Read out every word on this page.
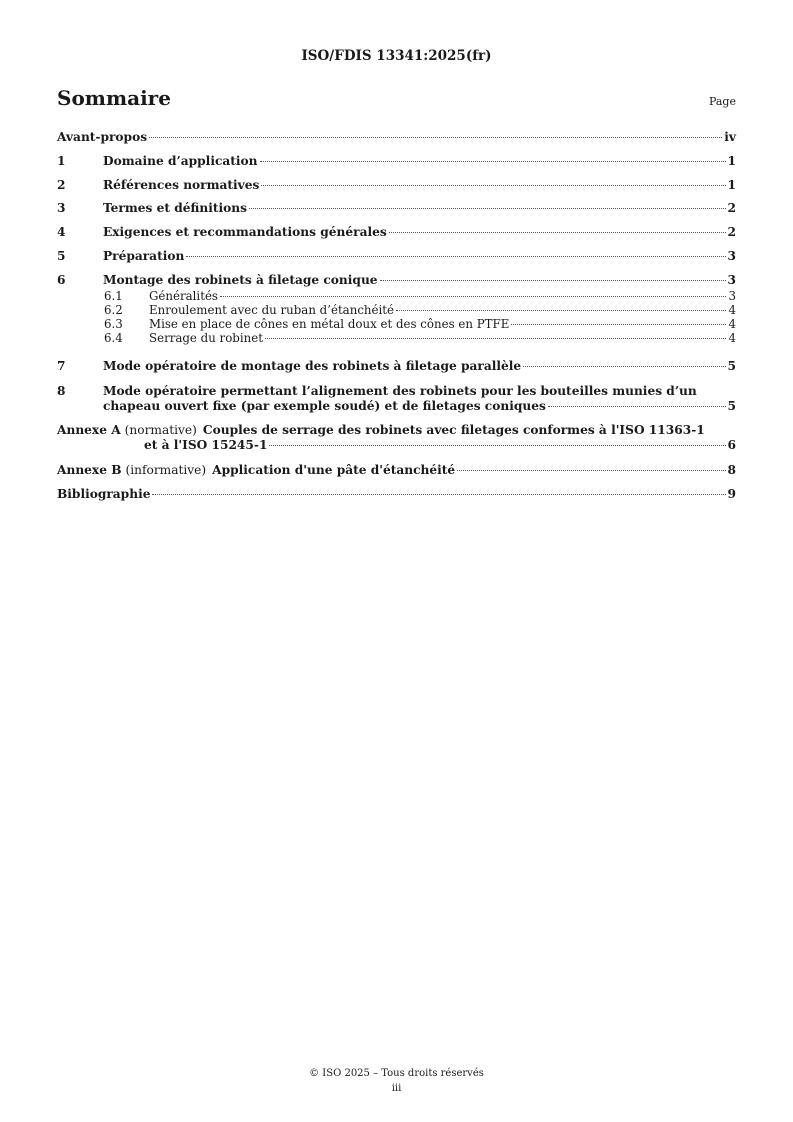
ISO/FDIS 13341:2025(fr)
Sommaire	Page
Avant-propos	iv
1	Domaine d’application	1
2	Références normatives	1
3	Termes et définitions	2
4	Exigences et recommandations générales	2
5	Préparation	3
6	Montage des robinets à filetage conique	3
6.1	Généralités	3
6.2	Enroulement avec du ruban d’étanchéité	4
6.3	Mise en place de cônes en métal doux et des cônes en PTFE	4
6.4	Serrage du robinet	4
7	Mode opératoire de montage des robinets à filetage parallèle	5
8	Mode opératoire permettant l’alignement des robinets pour les bouteilles munies d’un
chapeau ouvert fixe (par exemple soudé) et de filetages coniques	5
Annexe A (normative) Couples de serrage des robinets avec filetages conformes à l'ISO 11363-1
et à l'ISO 15245-1	6
Annexe B (informative) Application d'une pâte d'étanchéité	8
Bibliographie	9
© ISO 2025 – Tous droits réservés
iii
